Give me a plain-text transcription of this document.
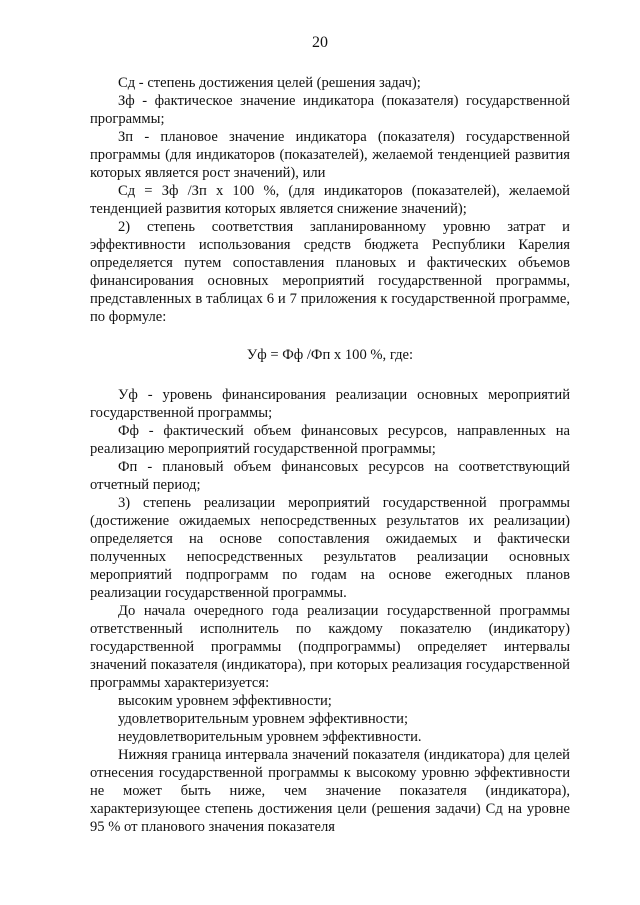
20

Сд - степень достижения целей (решения задач);

Зф - фактическое значение индикатора (показателя) государственной программы;

Зп - плановое значение индикатора (показателя) государственной программы (для индикаторов (показателей), желаемой тенденцией развития которых является рост значений), или

Сд = Зф /Зп x 100 %, (для индикаторов (показателей), желаемой тенденцией развития которых является снижение значений);

2) степень соответствия запланированному уровню затрат и эффективности использования средств бюджета Республики Карелия определяется путем сопоставления плановых и фактических объемов финансирования основных мероприятий государственной программы, представленных в таблицах 6 и 7 приложения к государственной программе, по формуле:

Уф = Фф /Фп x 100 %, где:

Уф - уровень финансирования реализации основных мероприятий государственной программы;

Фф - фактический объем финансовых ресурсов, направленных на реализацию мероприятий государственной программы;

Фп - плановый объем финансовых ресурсов на соответствующий отчетный период;

3) степень реализации мероприятий государственной программы (достижение ожидаемых непосредственных результатов их реализации) определяется на основе сопоставления ожидаемых и фактически полученных непосредственных результатов реализации основных мероприятий подпрограмм по годам на основе ежегодных планов реализации государственной программы.

До начала очередного года реализации государственной программы ответственный исполнитель по каждому показателю (индикатору) государственной программы (подпрограммы) определяет интервалы значений показателя (индикатора), при которых реализация государственной программы характеризуется:

высоким уровнем эффективности;

удовлетворительным уровнем эффективности;

неудовлетворительным уровнем эффективности.

Нижняя граница интервала значений показателя (индикатора) для целей отнесения государственной программы к высокому уровню эффективности не может быть ниже, чем значение показателя (индикатора), характеризующее степень достижения цели (решения задачи) Сд на уровне 95 % от планового значения показателя
